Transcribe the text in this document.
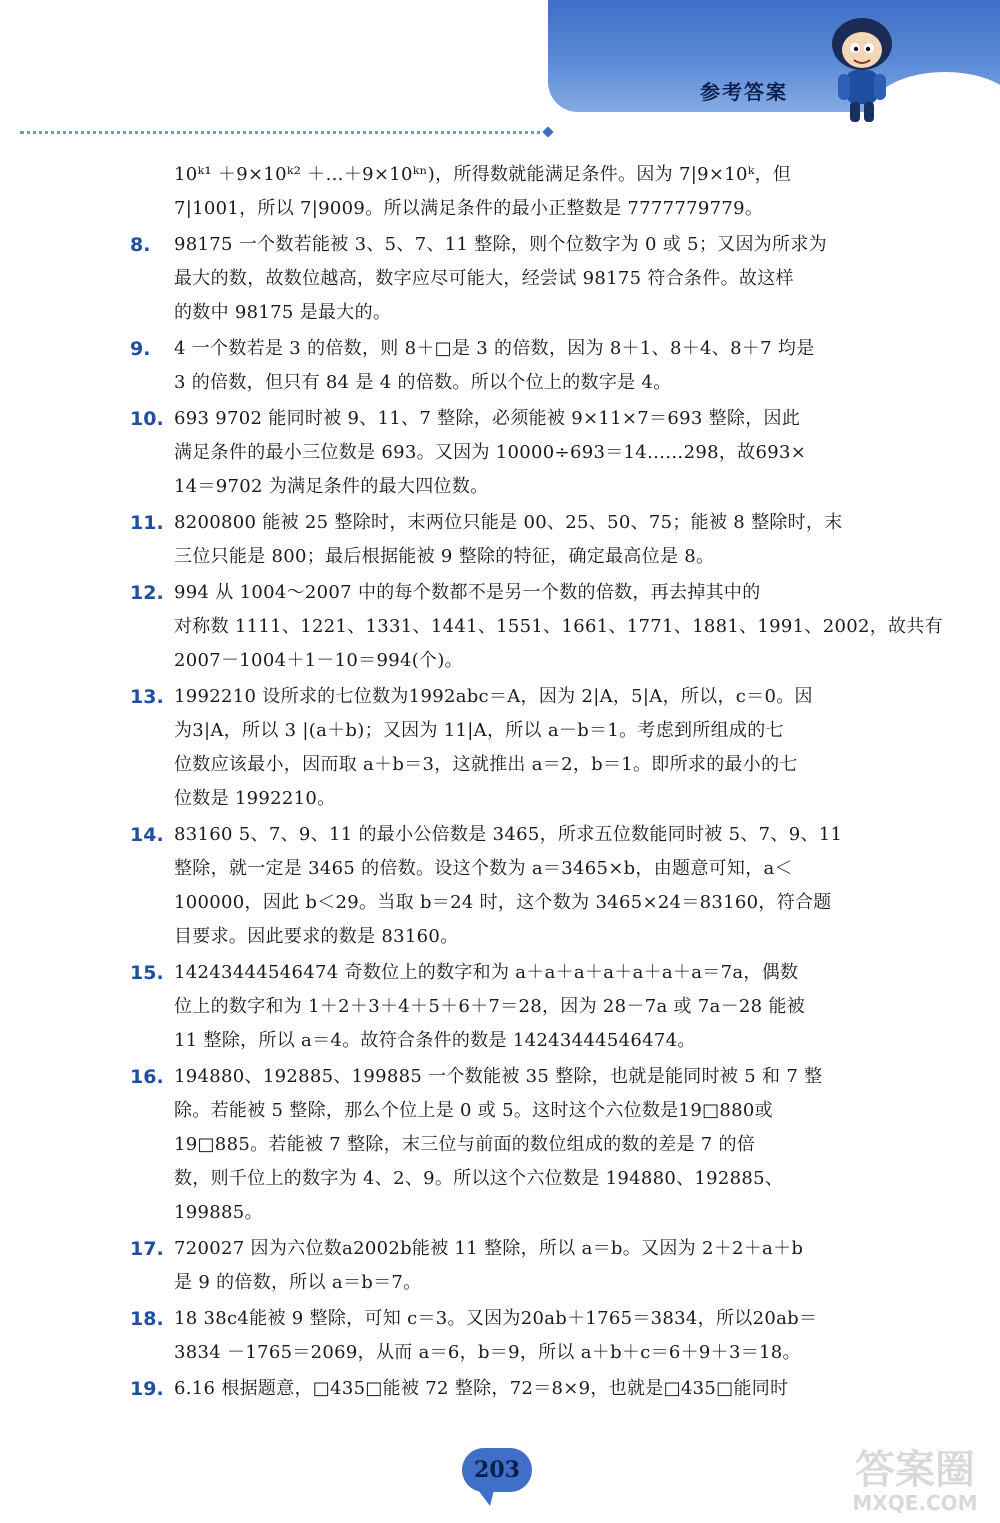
参考答案
10ᵏ¹ ＋9×10ᵏ² ＋…＋9×10ᵏⁿ)，所得数就能满足条件。因为 7|9×10ᵏ，但
7|1001，所以 7|9009。所以满足条件的最小正整数是 7777779779。
8. 98175 一个数若能被 3、5、7、11 整除，则个位数字为 0 或 5；又因为所求为
最大的数，故数位越高，数字应尽可能大，经尝试 98175 符合条件。故这样
的数中 98175 是最大的。
9. 4 一个数若是 3 的倍数，则 8＋□是 3 的倍数，因为 8＋1、8＋4、8＋7 均是
3 的倍数，但只有 84 是 4 的倍数。所以个位上的数字是 4。
10. 693 9702 能同时被 9、11、7 整除，必须能被 9×11×7＝693 整除，因此
满足条件的最小三位数是 693。又因为 10000÷693＝14……298，故693×
14＝9702 为满足条件的最大四位数。
11. 8200800 能被 25 整除时，末两位只能是 00、25、50、75；能被 8 整除时，末
三位只能是 800；最后根据能被 9 整除的特征，确定最高位是 8。
12. 994 从 1004～2007 中的每个数都不是另一个数的倍数，再去掉其中的
对称数 1111、1221、1331、1441、1551、1661、1771、1881、1991、2002，故共有
2007－1004＋1－10＝994(个)。
13. 1992210 设所求的七位数为1992abc＝A，因为 2|A，5|A，所以，c＝0。因
为3|A，所以 3 |(a＋b)；又因为 11|A，所以 a－b＝1。考虑到所组成的七
位数应该最小，因而取 a＋b＝3，这就推出 a＝2，b＝1。即所求的最小的七
位数是 1992210。
14. 83160 5、7、9、11 的最小公倍数是 3465，所求五位数能同时被 5、7、9、11
整除，就一定是 3465 的倍数。设这个数为 a＝3465×b，由题意可知，a＜
100000，因此 b＜29。当取 b＝24 时，这个数为 3465×24＝83160，符合题
目要求。因此要求的数是 83160。
15. 14243444546474 奇数位上的数字和为 a＋a＋a＋a＋a＋a＋a＝7a，偶数
位上的数字和为 1＋2＋3＋4＋5＋6＋7＝28，因为 28－7a 或 7a－28 能被
11 整除，所以 a＝4。故符合条件的数是 14243444546474。
16. 194880、192885、199885 一个数能被 35 整除，也就是能同时被 5 和 7 整
除。若能被 5 整除，那么个位上是 0 或 5。这时这个六位数是19□880或
19□885。若能被 7 整除，末三位与前面的数位组成的数的差是 7 的倍
数，则千位上的数字为 4、2、9。所以这个六位数是 194880、192885、
199885。
17. 720027 因为六位数a2002b能被 11 整除，所以 a＝b。又因为 2＋2＋a＋b
是 9 的倍数，所以 a＝b＝7。
18. 18 38c4能被 9 整除，可知 c＝3。又因为20ab＋1765＝3834，所以20ab＝
3834 －1765＝2069，从而 a＝6，b＝9，所以 a＋b＋c＝6＋9＋3＝18。
19. 6.16 根据题意，□435□能被 72 整除，72＝8×9，也就是□435□能同时
203	答案圈
MXQE.COM
